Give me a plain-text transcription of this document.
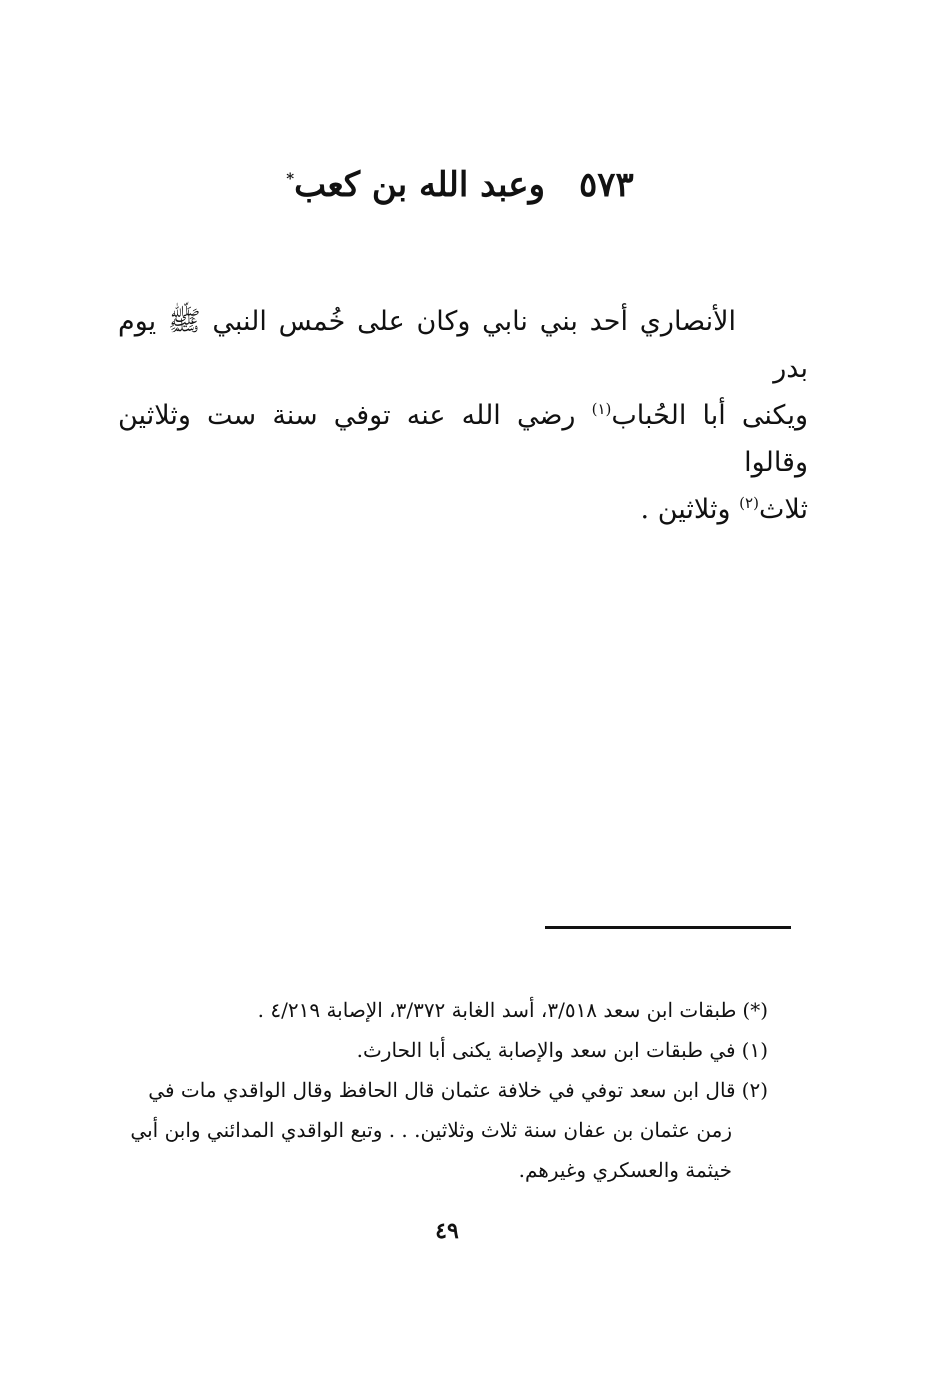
٥٧٣وعبد الله بن كعب*

الأنصاري أحد بني نابي وكان على خُمس النبي ﷺ يوم بدر

ويكنى أبا الحُباب$^{(١)}$ رضي الله عنه توفي سنة ست وثلاثين وقالوا

ثلاث$^{(٢)}$ وثلاثين .

(*)طبقات ابن سعد ٣/٥١٨، أسد الغابة ٣/٣٧٢، الإصابة ٤/٢١٩ .

(١)في طبقات ابن سعد والإصابة يكنى أبا الحارث.

(٢)قال ابن سعد توفي في خلافة عثمان قال الحافظ وقال الواقدي مات في
زمن عثمان بن عفان سنة ثلاث وثلاثين. . . وتبع الواقدي المدائني وابن أبي
خيثمة والعسكري وغيرهم.

٤٩
